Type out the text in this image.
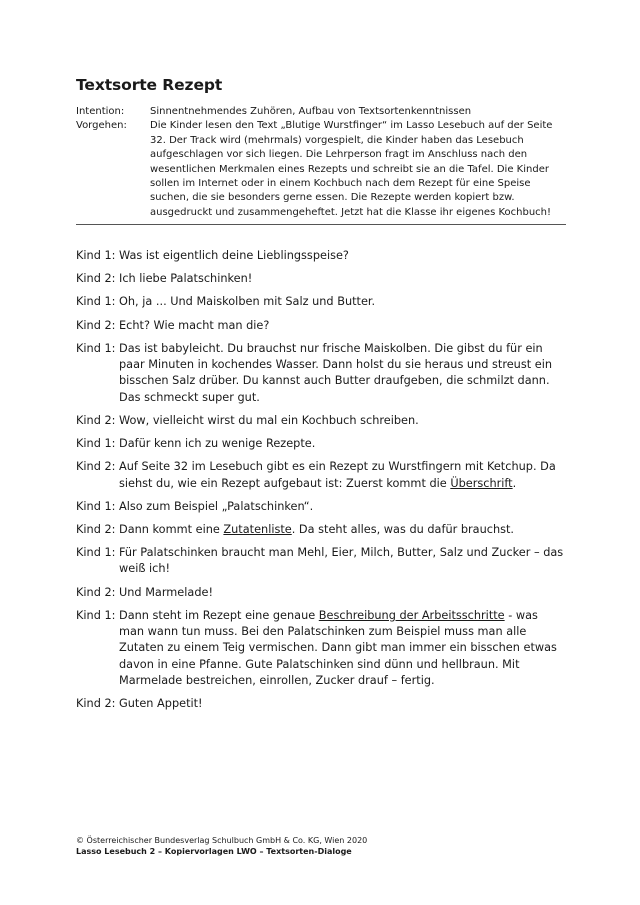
Textsorte Rezept
Intention:	Sinnentnehmendes Zuhören, Aufbau von Textsortenkenntnissen
Vorgehen:	Die Kinder lesen den Text „Blutige Wurstfinger“ im Lasso Lesebuch auf der Seite 32. Der Track wird (mehrmals) vorgespielt, die Kinder haben das Lesebuch aufgeschlagen vor sich liegen. Die Lehrperson fragt im Anschluss nach den wesentlichen Merkmalen eines Rezepts und schreibt sie an die Tafel. Die Kinder sollen im Internet oder in einem Kochbuch nach dem Rezept für eine Speise suchen, die sie besonders gerne essen. Die Rezepte werden kopiert bzw. ausgedruckt und zusammengeheftet. Jetzt hat die Klasse ihr eigenes Kochbuch!
Kind 1: Was ist eigentlich deine Lieblingsspeise?
Kind 2: Ich liebe Palatschinken!
Kind 1: Oh, ja ... Und Maiskolben mit Salz und Butter.
Kind 2: Echt? Wie macht man die?
Kind 1: Das ist babyleicht. Du brauchst nur frische Maiskolben. Die gibst du für ein paar Minuten in kochendes Wasser. Dann holst du sie heraus und streust ein bisschen Salz drüber. Du kannst auch Butter draufgeben, die schmilzt dann. Das schmeckt super gut.
Kind 2: Wow, vielleicht wirst du mal ein Kochbuch schreiben.
Kind 1: Dafür kenn ich zu wenige Rezepte.
Kind 2: Auf Seite 32 im Lesebuch gibt es ein Rezept zu Wurstfingern mit Ketchup. Da siehst du, wie ein Rezept aufgebaut ist: Zuerst kommt die Überschrift.
Kind 1: Also zum Beispiel „Palatschinken“.
Kind 2: Dann kommt eine Zutatenliste. Da steht alles, was du dafür brauchst.
Kind 1: Für Palatschinken braucht man Mehl, Eier, Milch, Butter, Salz und Zucker – das weiß ich!
Kind 2: Und Marmelade!
Kind 1: Dann steht im Rezept eine genaue Beschreibung der Arbeitsschritte - was man wann tun muss. Bei den Palatschinken zum Beispiel muss man alle Zutaten zu einem Teig vermischen. Dann gibt man immer ein bisschen etwas davon in eine Pfanne. Gute Palatschinken sind dünn und hellbraun. Mit Marmelade bestreichen, einrollen, Zucker drauf – fertig.
Kind 2: Guten Appetit!
© Österreichischer Bundesverlag Schulbuch GmbH & Co. KG, Wien 2020
Lasso Lesebuch 2 – Kopiervorlagen LWO – Textsorten-Dialoge
